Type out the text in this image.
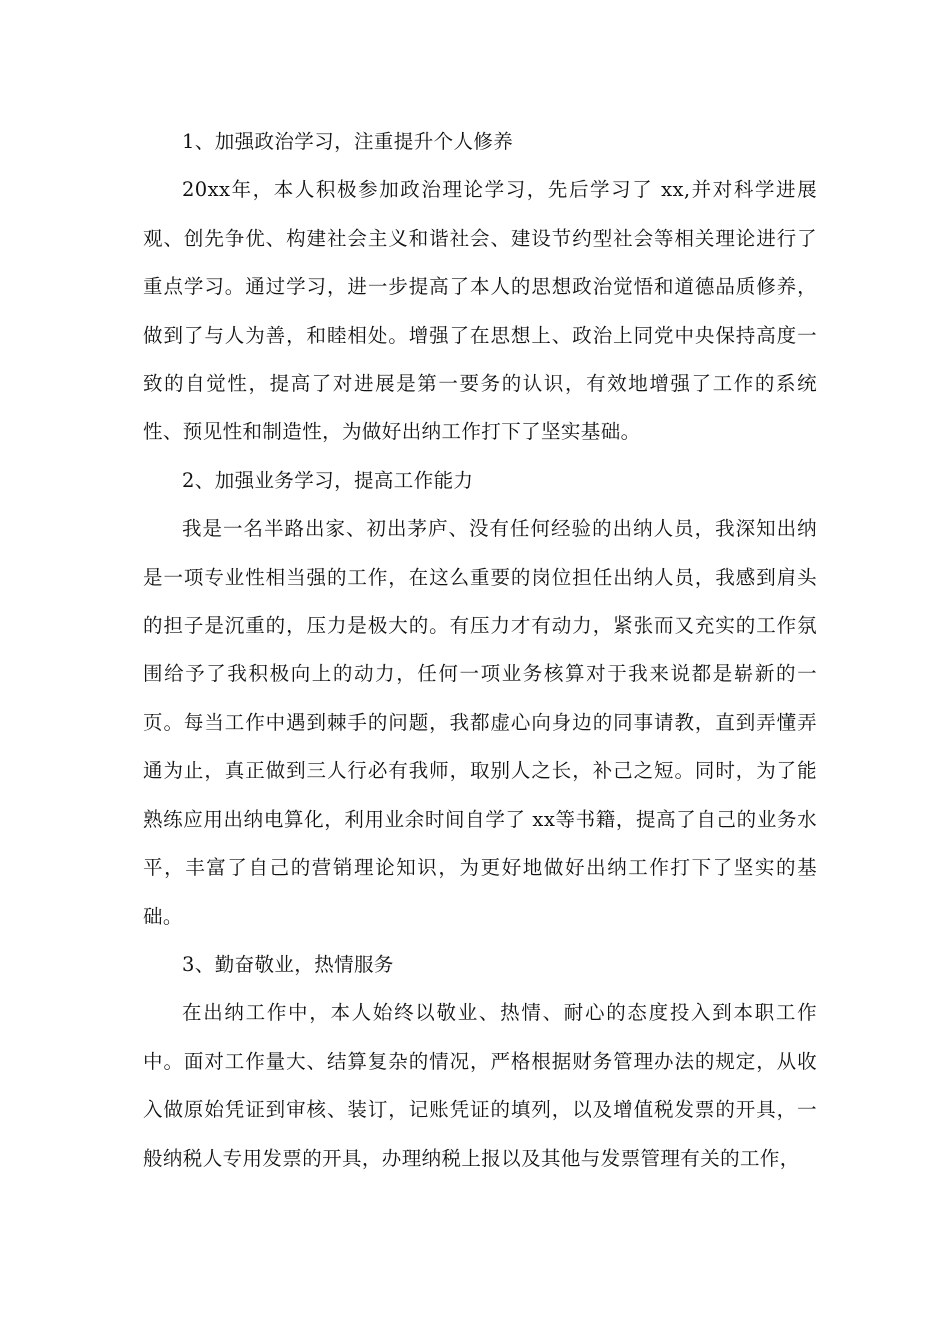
1、加强政治学习，注重提升个人修养

20xx年，本人积极参加政治理论学习，先后学习了 xx,并对科学进展观、创先争优、构建社会主义和谐社会、建设节约型社会等相关理论进行了重点学习。通过学习，进一步提高了本人的思想政治觉悟和道德品质修养，做到了与人为善，和睦相处。增强了在思想上、政治上同党中央保持高度一致的自觉性，提高了对进展是第一要务的认识，有效地增强了工作的系统性、预见性和制造性，为做好出纳工作打下了坚实基础。

2、加强业务学习，提高工作能力

我是一名半路出家、初出茅庐、没有任何经验的出纳人员，我深知出纳是一项专业性相当强的工作，在这么重要的岗位担任出纳人员，我感到肩头的担子是沉重的，压力是极大的。有压力才有动力，紧张而又充实的工作氛围给予了我积极向上的动力，任何一项业务核算对于我来说都是崭新的一页。每当工作中遇到棘手的问题，我都虚心向身边的同事请教，直到弄懂弄通为止，真正做到三人行必有我师，取别人之长，补己之短。同时，为了能熟练应用出纳电算化，利用业余时间自学了 xx等书籍，提高了自己的业务水平，丰富了自己的营销理论知识，为更好地做好出纳工作打下了坚实的基础。

3、勤奋敬业，热情服务

在出纳工作中，本人始终以敬业、热情、耐心的态度投入到本职工作中。面对工作量大、结算复杂的情况，严格根据财务管理办法的规定，从收入做原始凭证到审核、装订，记账凭证的填列，以及增值税发票的开具，一般纳税人专用发票的开具，办理纳税上报以及其他与发票管理有关的工作，
